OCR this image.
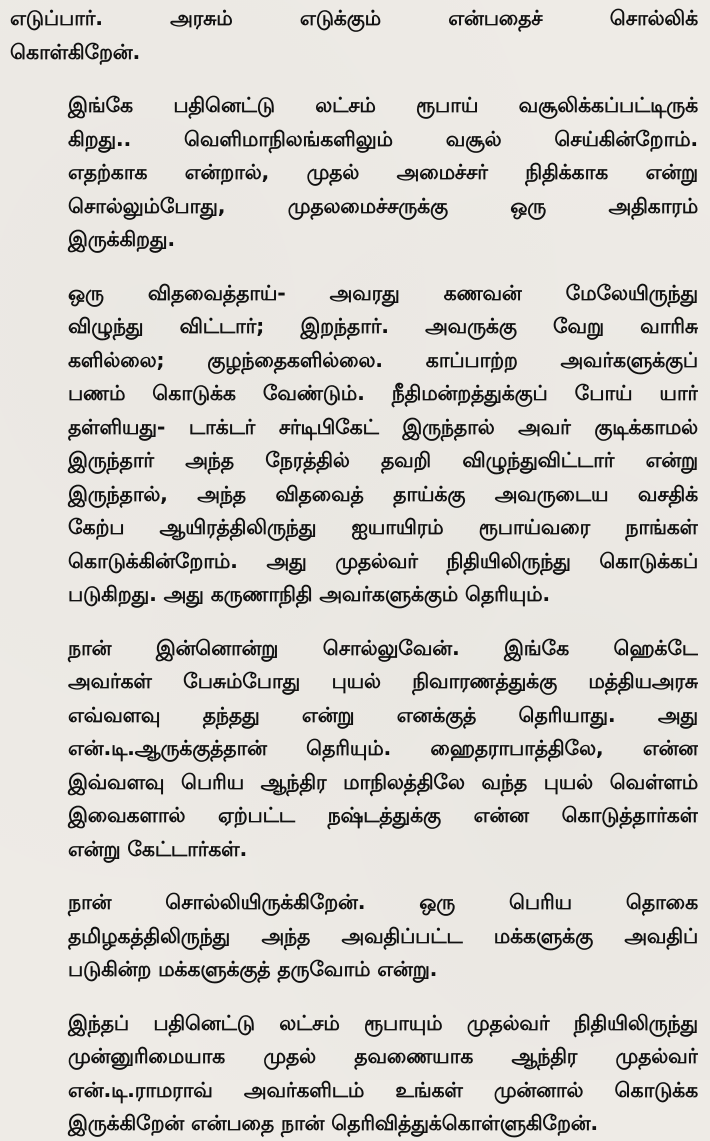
எடுப்பார். அரசும் எடுக்கும் என்பதைச் சொல்லிக்
கொள்கிறேன்.

இங்கே பதினெட்டு லட்சம் ரூபாய் வசூலிக்கப்பட்டிருக்
கிறது.. வெளிமாநிலங்களிலும் வசூல் செய்கின்றோம்.
எதற்காக என்றால், முதல் அமைச்சர் நிதிக்காக என்று
சொல்லும்போது, முதலமைச்சருக்கு ஒரு அதிகாரம்
இருக்கிறது.

ஒரு விதவைத்தாய்- அவரது கணவன் மேலேயிருந்து
விழுந்து விட்டார்; இறந்தார். அவருக்கு வேறு வாரிசு
களில்லை; குழந்தைகளில்லை. காப்பாற்ற அவர்களுக்குப்
பணம் கொடுக்க வேண்டும். நீதிமன்றத்துக்குப் போய் யார்
தள்ளியது- டாக்டர் சர்டிபிகேட் இருந்தால் அவர் குடிக்காமல்
இருந்தார் அந்த நேரத்தில் தவறி விழுந்துவிட்டார் என்று
இருந்தால், அந்த விதவைத் தாய்க்கு அவருடைய வசதிக்
கேற்ப ஆயிரத்திலிருந்து ஐயாயிரம் ரூபாய்வரை நாங்கள்
கொடுக்கின்றோம். அது முதல்வர் நிதியிலிருந்து கொடுக்கப்
படுகிறது. அது கருணாநிதி அவர்களுக்கும் தெரியும்.

நான் இன்னொன்று சொல்லுவேன். இங்கே ஹெக்டே
அவர்கள் பேசும்போது புயல் நிவாரணத்துக்கு மத்தியஅரசு
எவ்வளவு தந்தது என்று எனக்குத் தெரியாது. அது
என்.டி.ஆருக்குத்தான் தெரியும். ஹைதராபாத்திலே, என்ன
இவ்வளவு பெரிய ஆந்திர மாநிலத்திலே வந்த புயல் வெள்ளம்
இவைகளால் ஏற்பட்ட நஷ்டத்துக்கு என்ன கொடுத்தார்கள்
என்று கேட்டார்கள்.

நான் சொல்லியிருக்கிறேன். ஒரு பெரிய தொகை
தமிழகத்திலிருந்து அந்த அவதிப்பட்ட மக்களுக்கு அவதிப்
படுகின்ற மக்களுக்குத் தருவோம் என்று.

இந்தப் பதினெட்டு லட்சம் ரூபாயும் முதல்வர் நிதியிலிருந்து
முன்னுரிமையாக முதல் தவணையாக ஆந்திர முதல்வர்
என்.டி.ராமராவ் அவர்களிடம் உங்கள் முன்னால் கொடுக்க
இருக்கிறேன் என்பதை நான் தெரிவித்துக்கொள்ளுகிறேன்.
